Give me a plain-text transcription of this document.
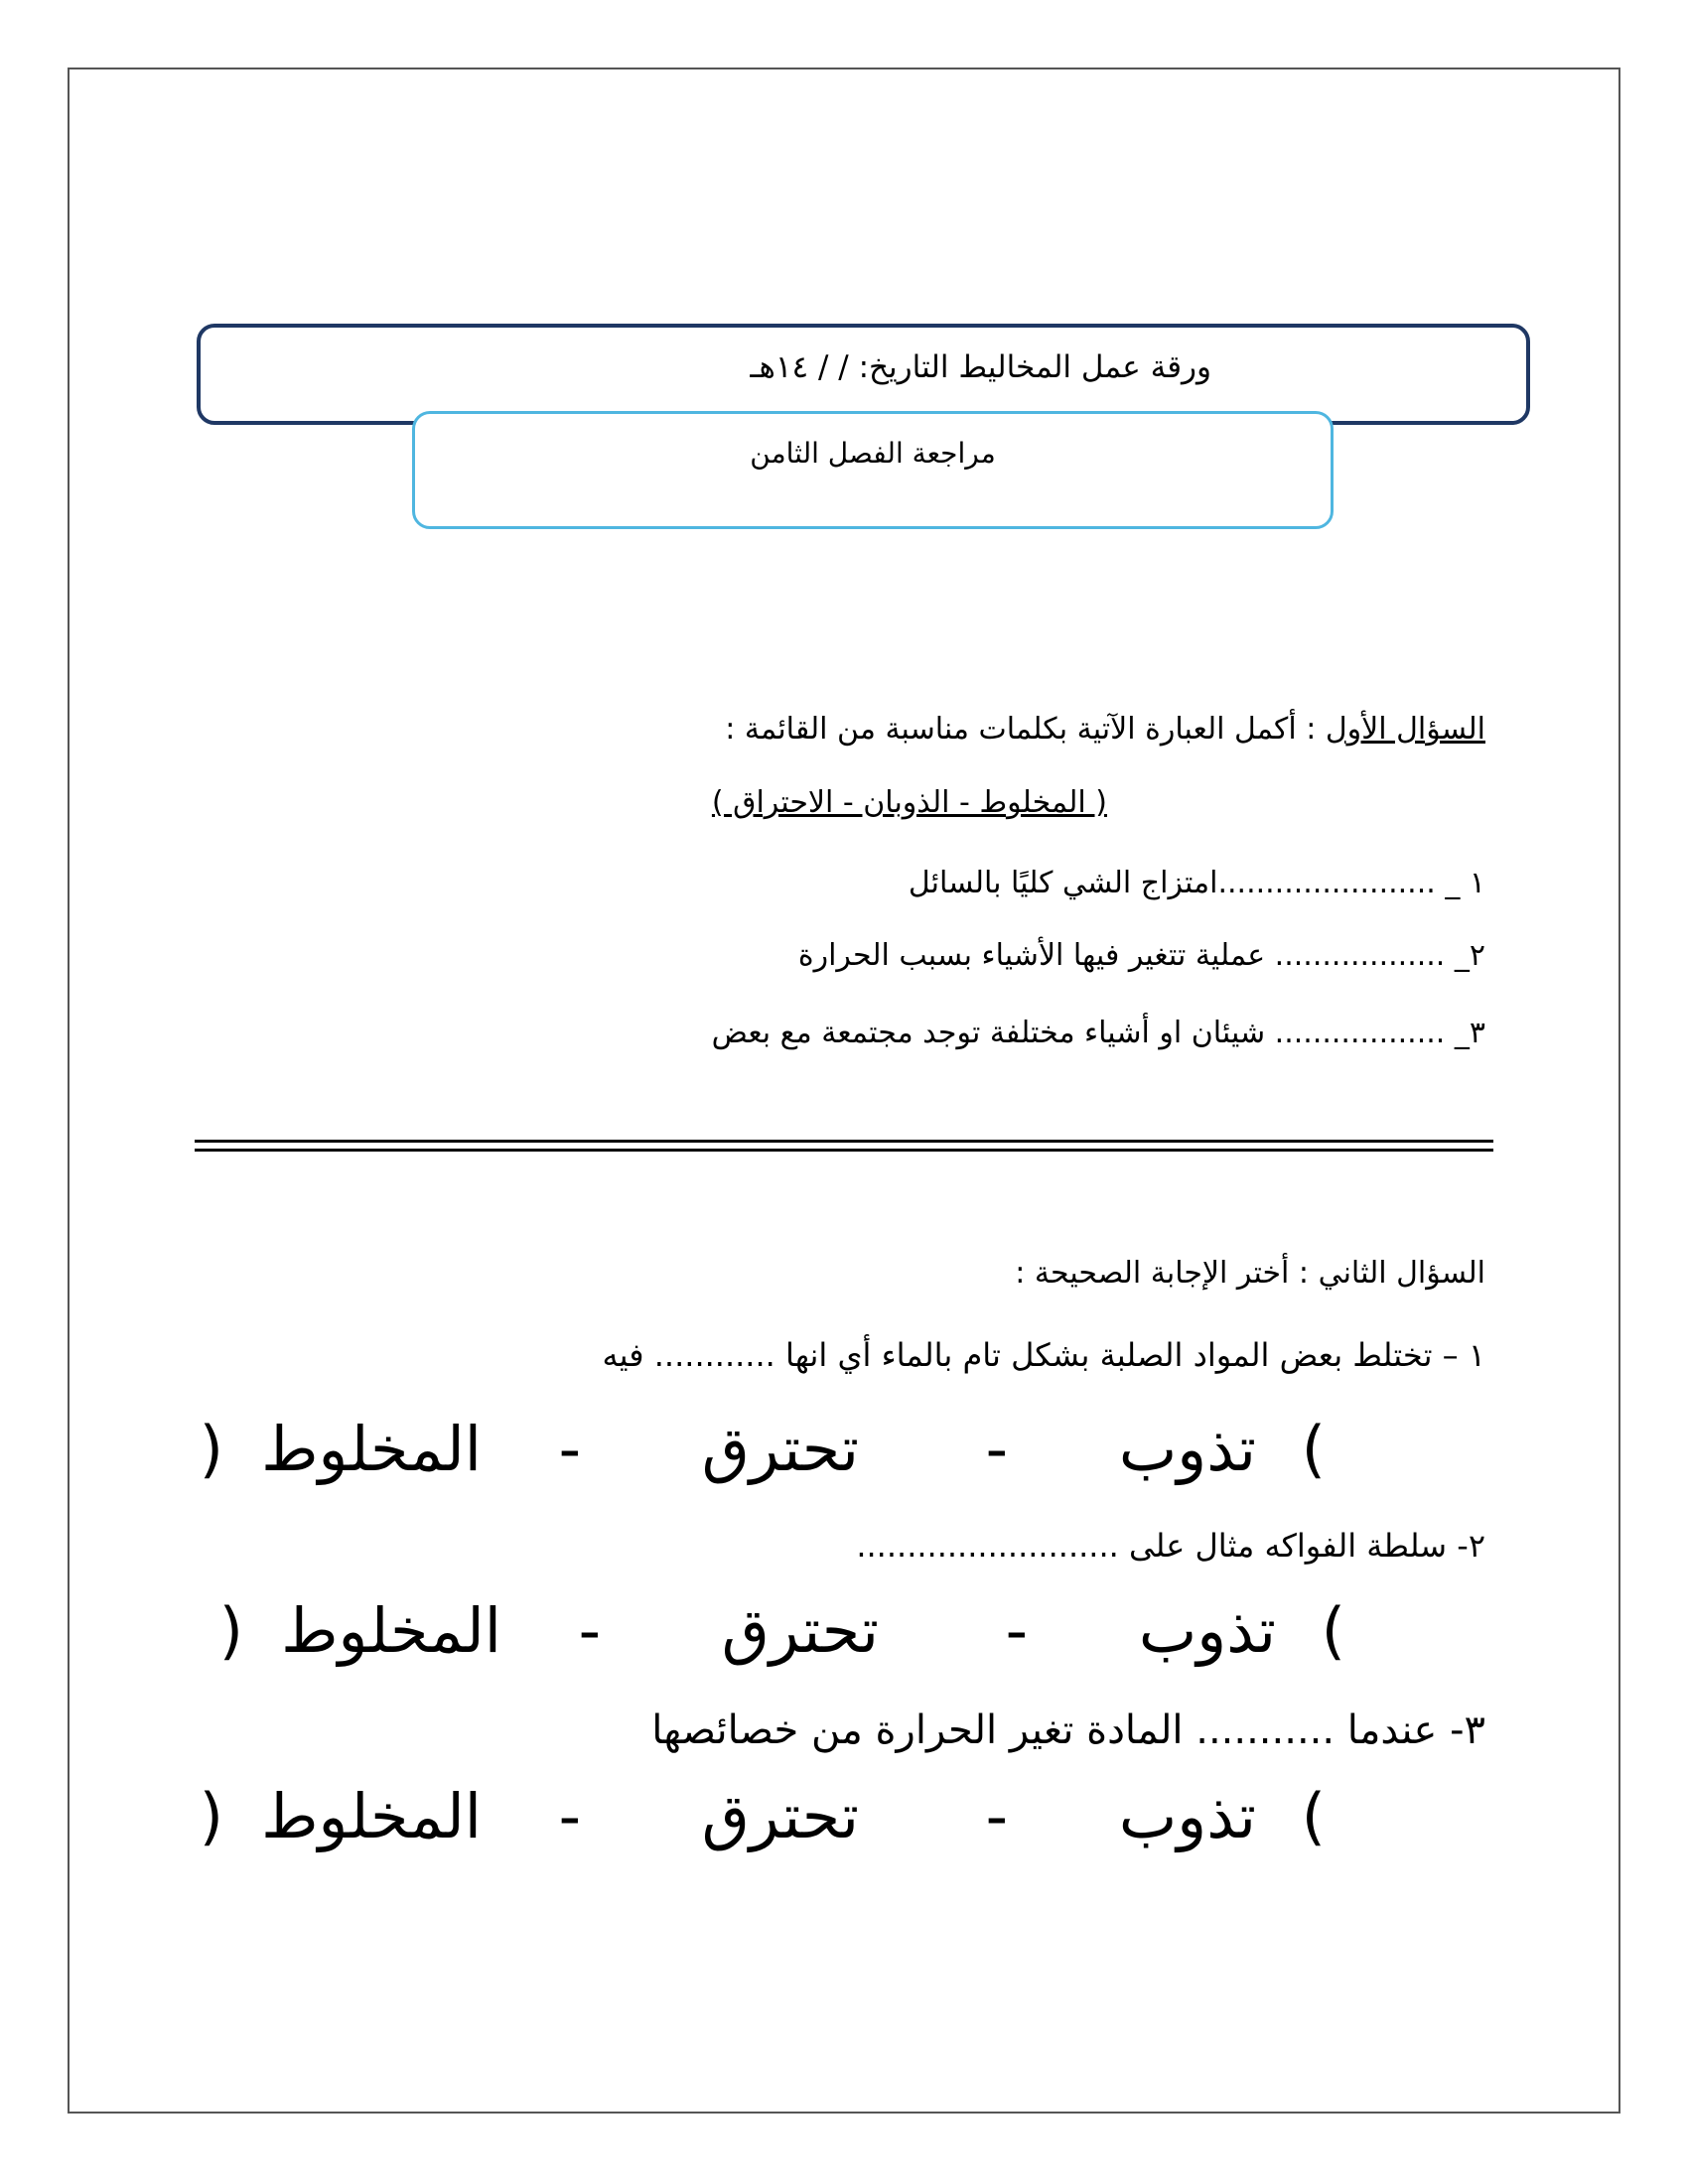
ورقة عمل المخاليط التاريخ: / / ١٤هـ
مراجعة الفصل الثامن
السؤال الأول : أكمل العبارة الآتية بكلمات مناسبة من القائمة :
( المخلوط - الذوبان - الاحتراق )
١ _ .......................امتزاج الشي كليًا بالسائل
٢_ .................. عملية تتغير فيها الأشياء بسبب الحرارة
٣_ .................. شيئان او أشياء مختلفة توجد مجتمعة مع بعض
السؤال الثاني : أختر الإجابة الصحيحة :
١ – تختلط بعض المواد الصلبة بشكل تام بالماء أي انها ............ فيه
(
تذوب
-
تحترق
-
المخلوط
)
٢- سلطة الفواكه مثال على ..........................
(
تذوب
-
تحترق
-
المخلوط
)
٣- عندما ........... المادة تغير الحرارة من خصائصها
(
تذوب
-
تحترق
-
المخلوط
)
